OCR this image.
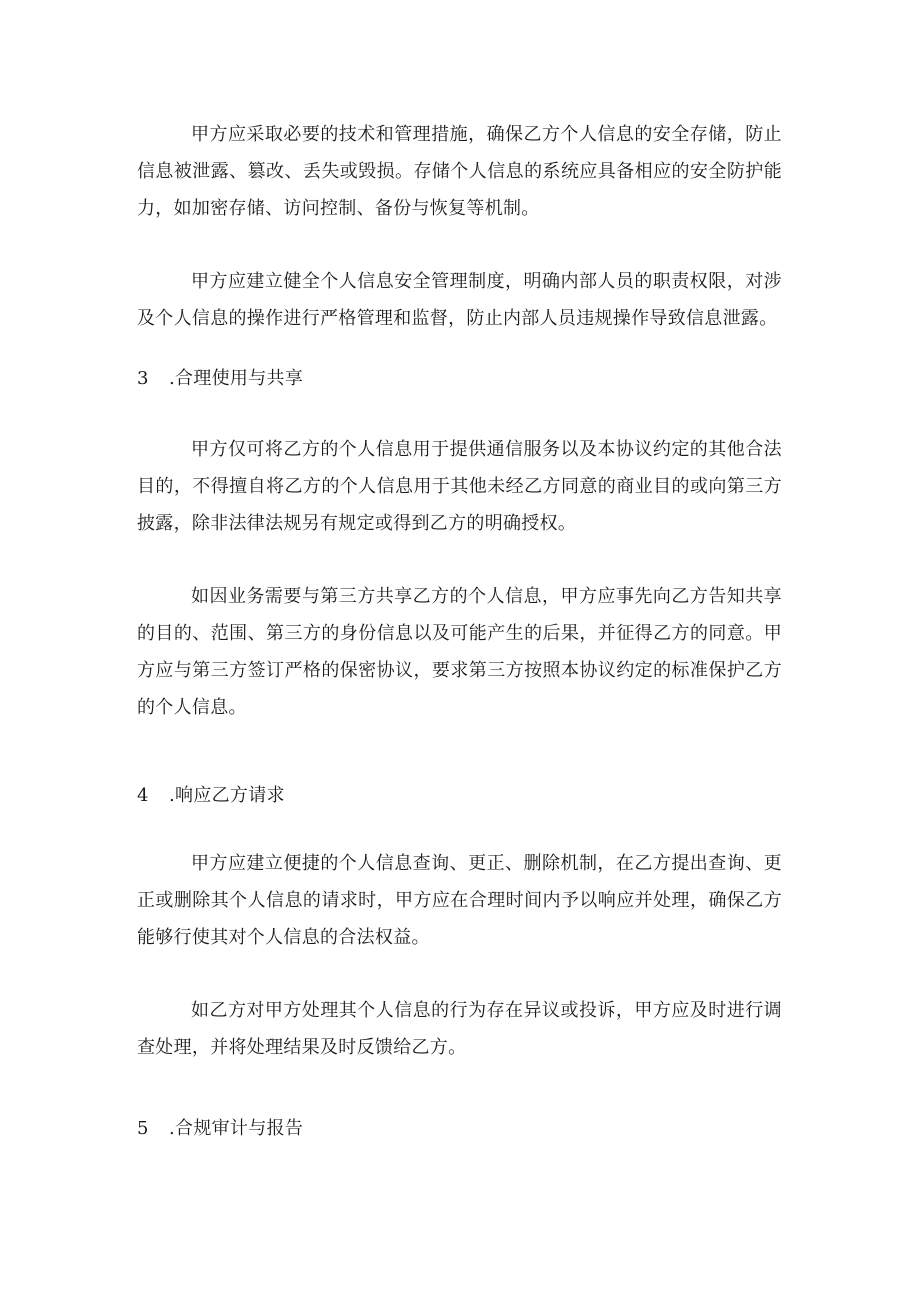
甲方应采取必要的技术和管理措施，确保乙方个人信息的安全存储，防止信息被泄露、篡改、丢失或毁损。存储个人信息的系统应具备相应的安全防护能力，如加密存储、访问控制、备份与恢复等机制。

甲方应建立健全个人信息安全管理制度，明确内部人员的职责权限，对涉及个人信息的操作进行严格管理和监督，防止内部人员违规操作导致信息泄露。

3 .合理使用与共享

甲方仅可将乙方的个人信息用于提供通信服务以及本协议约定的其他合法目的，不得擅自将乙方的个人信息用于其他未经乙方同意的商业目的或向第三方披露，除非法律法规另有规定或得到乙方的明确授权。

如因业务需要与第三方共享乙方的个人信息，甲方应事先向乙方告知共享的目的、范围、第三方的身份信息以及可能产生的后果，并征得乙方的同意。甲方应与第三方签订严格的保密协议，要求第三方按照本协议约定的标准保护乙方的个人信息。

4 .响应乙方请求

甲方应建立便捷的个人信息查询、更正、删除机制，在乙方提出查询、更正或删除其个人信息的请求时，甲方应在合理时间内予以响应并处理，确保乙方能够行使其对个人信息的合法权益。

如乙方对甲方处理其个人信息的行为存在异议或投诉，甲方应及时进行调查处理，并将处理结果及时反馈给乙方。

5 .合规审计与报告
